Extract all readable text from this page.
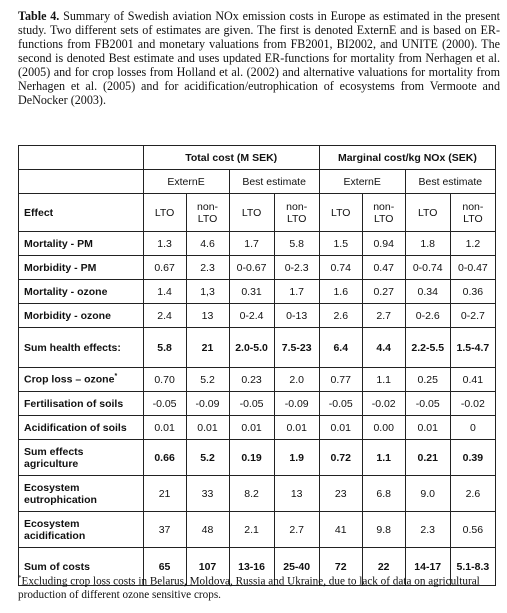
Table 4. Summary of Swedish aviation NOx emission costs in Europe as estimated in the present study. Two different sets of estimates are given. The first is denoted ExternE and is based on ER-functions from FB2001 and monetary valuations from FB2001, BI2002, and UNITE (2000). The second is denoted Best estimate and uses updated ER-functions for mortality from Nerhagen et al. (2005) and for crop losses from Holland et al. (2002) and alternative valuations for mortality from Nerhagen et al. (2005) and for acidification/eutrophication of ecosystems from Vermoote and DeNocker (2003).
	Total cost (M SEK)				Marginal cost/kg NOx (SEK)			
	ExternE		Best estimate		ExternE		Best estimate	
Effect	LTO	non-LTO	LTO	non-LTO	LTO	non-LTO	LTO	non-LTO
Mortality - PM	1.3	4.6	1.7	5.8	1.5	0.94	1.8	1.2
Morbidity - PM	0.67	2.3	0-0.67	0-2.3	0.74	0.47	0-0.74	0-0.47
Mortality - ozone	1.4	1,3	0.31	1.7	1.6	0.27	0.34	0.36
Morbidity - ozone	2.4	13	0-2.4	0-13	2.6	2.7	0-2.6	0-2.7
Sum health effects:	5.8	21	2.0-5.0	7.5-23	6.4	4.4	2.2-5.5	1.5-4.7
Crop loss – ozone*	0.70	5.2	0.23	2.0	0.77	1.1	0.25	0.41
Fertilisation of soils	-0.05	-0.09	-0.05	-0.09	-0.05	-0.02	-0.05	-0.02
Acidification of soils	0.01	0.01	0.01	0.01	0.01	0.00	0.01	0
Sum effects agriculture	0.66	5.2	0.19	1.9	0.72	1.1	0.21	0.39
Ecosystem eutrophication	21	33	8.2	13	23	6.8	9.0	2.6
Ecosystem acidification	37	48	2.1	2.7	41	9.8	2.3	0.56
Sum of costs	65	107	13-16	25-40	72	22	14-17	5.1-8.3
*Excluding crop loss costs in Belarus, Moldova, Russia and Ukraine, due to lack of data on agricultural production of different ozone sensitive crops.
